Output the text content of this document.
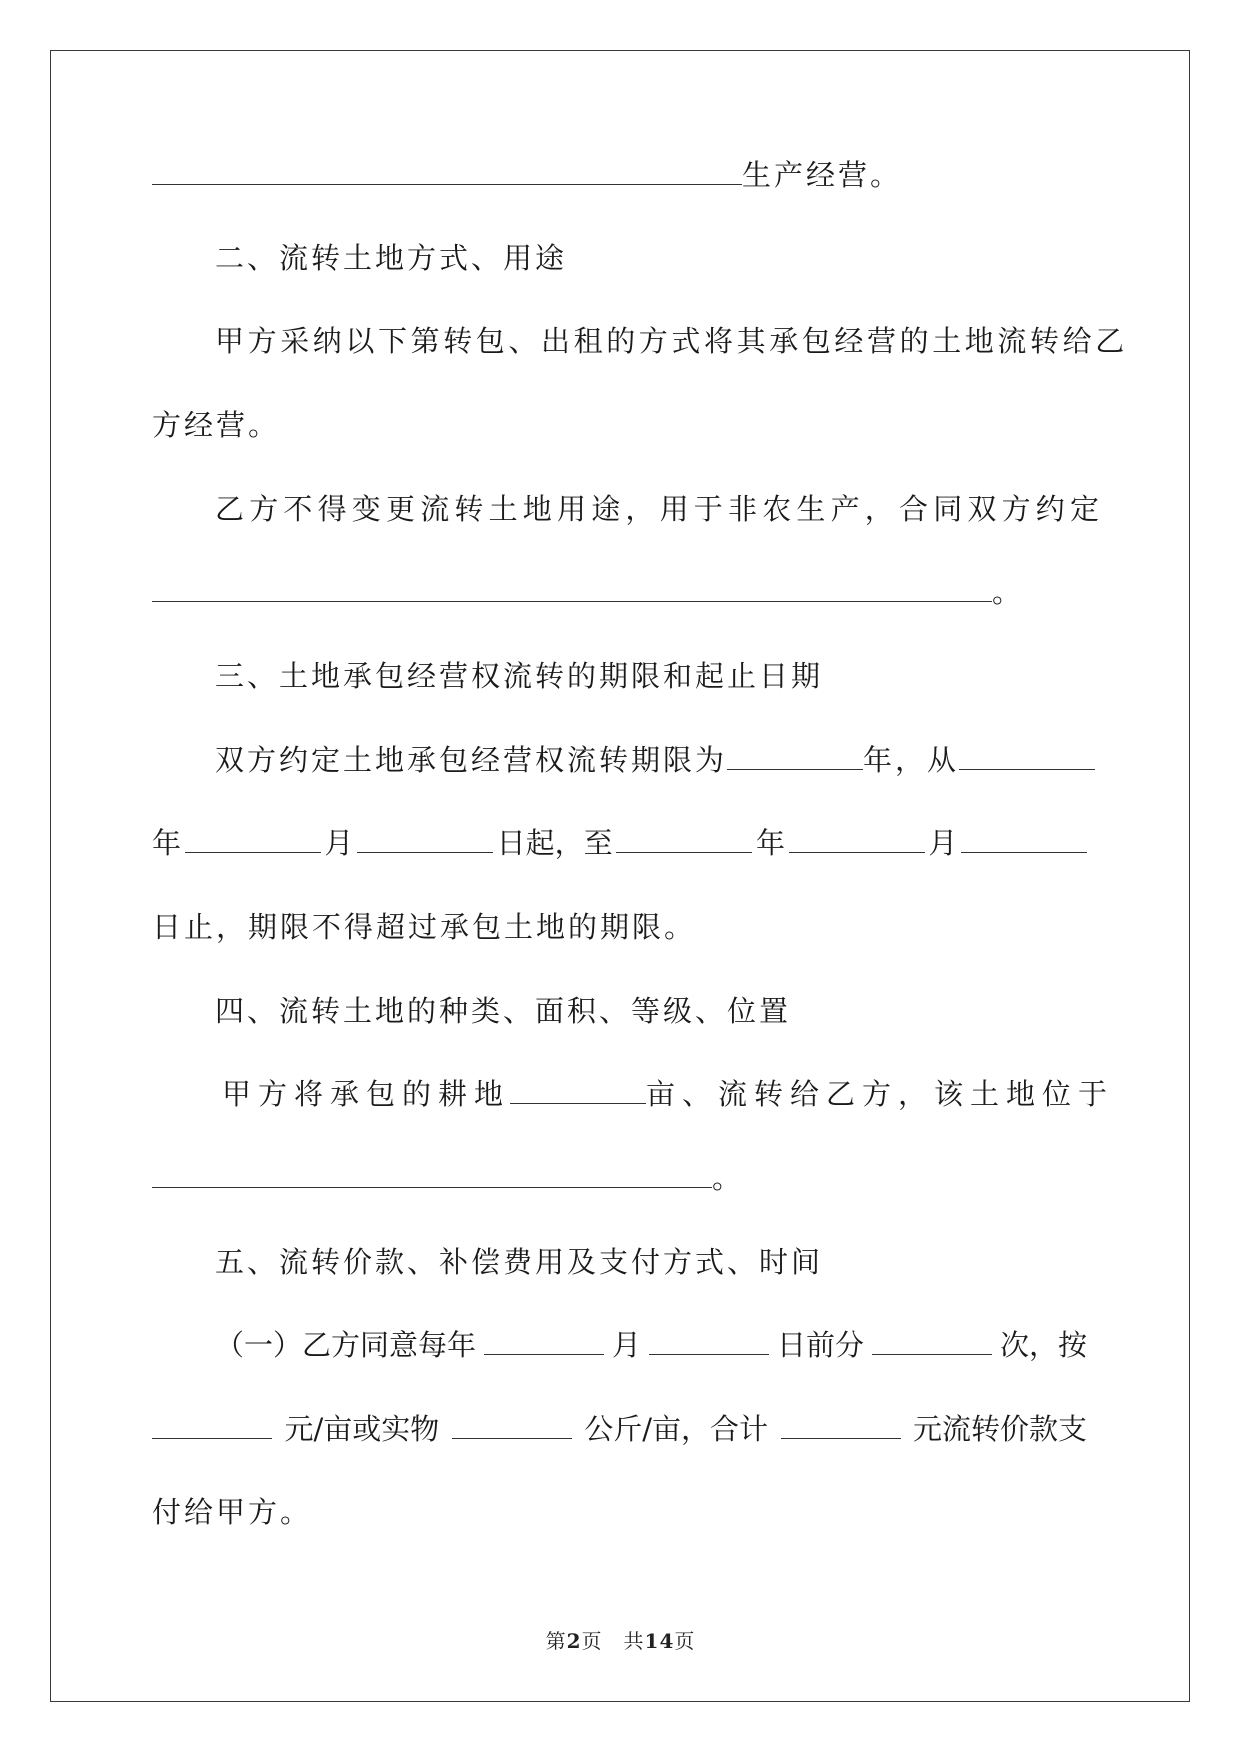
生产经营。
二、流转土地方式、用途
甲方采纳以下第转包、出租的方式将其承包经营的土地流转给乙
方经营。
乙方不得变更流转土地用途，用于非农生产，合同双方约定
。
三、土地承包经营权流转的期限和起止日期
双方约定土地承包经营权流转期限为	年，从
年	月	日起，至	年	月
日止，期限不得超过承包土地的期限。
四、流转土地的种类、面积、等级、位置
甲方将承包的耕地	亩、流转给乙方，该土地位于
。
五、流转价款、补偿费用及支付方式、时间
（一）乙方同意每年	月	日前分	次，按
元/亩或实物	公斤/亩，合计	元流转价款支
付给甲方。
第2页　共14页
